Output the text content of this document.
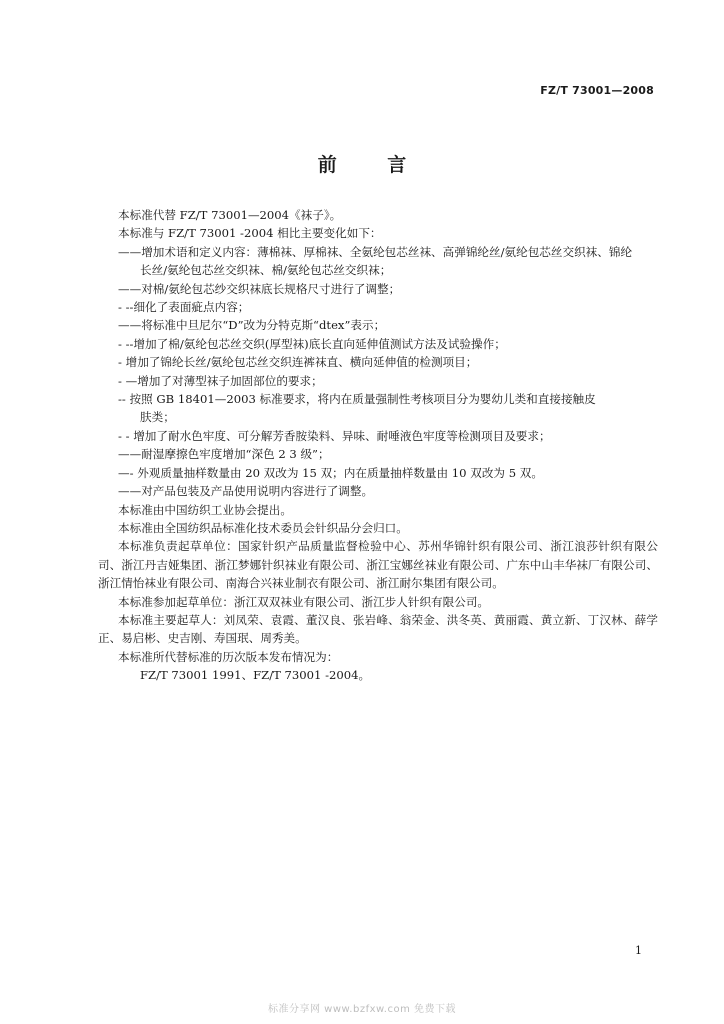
FZ/T 73001—2008
前 言

本标准代替 FZ/T 73001—2004《袜子》。

本标准与 FZ/T 73001 -2004 相比主要变化如下：

——增加术语和定义内容：薄棉袜、厚棉袜、全氨纶包芯丝袜、高弹锦纶丝/氨纶包芯丝交织袜、锦纶

长丝/氨纶包芯丝交织袜、棉/氨纶包芯丝交织袜；

——对棉/氨纶包芯纱交织袜底长规格尺寸进行了调整；

- --细化了表面疵点内容；

——将标准中旦尼尔“D”改为分特克斯“dtex”表示；

- --增加了棉/氨纶包芯丝交织(厚型袜)底长直向延伸值测试方法及试验操作；

- 增加了锦纶长丝/氨纶包芯丝交织连裤袜直、横向延伸值的检测项目；

- —增加了对薄型袜子加固部位的要求；

-- 按照 GB 18401—2003 标准要求，将内在质量强制性考核项目分为婴幼儿类和直接接触皮

肤类；

- - 增加了耐水色牢度、可分解芳香胺染料、异味、耐唾液色牢度等检测项目及要求；

——耐湿摩擦色牢度增加“深色 2 3 级”；

—- 外观质量抽样数量由 20 双改为 15 双；内在质量抽样数量由 10 双改为 5 双。

——对产品包装及产品使用说明内容进行了调整。

本标准由中国纺织工业协会提出。

本标准由全国纺织品标准化技术委员会针织品分会归口。

本标准负责起草单位：国家针织产品质量监督检验中心、苏州华锦针织有限公司、浙江浪莎针织有限公司、浙江丹吉娅集团、浙江梦娜针织袜业有限公司、浙江宝娜丝袜业有限公司、广东中山丰华袜厂有限公司、浙江情怡袜业有限公司、南海合兴袜业制衣有限公司、浙江耐尔集团有限公司。

本标准参加起草单位：浙江双双袜业有限公司、浙江步人针织有限公司。

本标准主要起草人：刘凤荣、袁霞、董汉良、张岩峰、翁荣金、洪冬英、黄丽霞、黄立新、丁汉林、薛学正、易启彬、史吉刚、寿国珉、周秀美。

本标准所代替标准的历次版本发布情况为：

FZ/T 73001 1991、FZ/T 73001 -2004。

1
标准分享网 www.bzfxw.com 免费下载
